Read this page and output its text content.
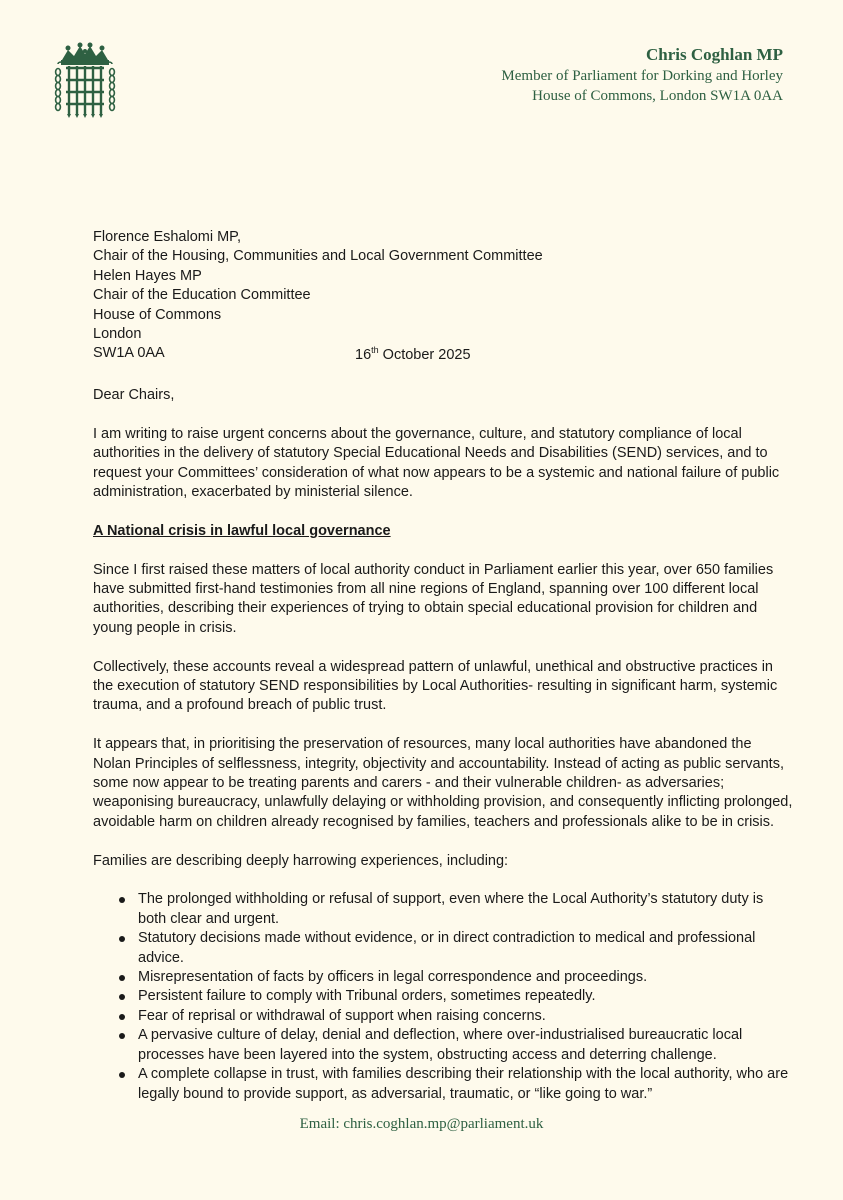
Chris Coghlan MP
Member of Parliament for Dorking and Horley
House of Commons, London SW1A 0AA
Florence Eshalomi MP,
Chair of the Housing, Communities and Local Government Committee
Helen Hayes MP
Chair of the Education Committee
House of Commons
London
SW1A 0AA	16th October 2025

Dear Chairs,

I am writing to raise urgent concerns about the governance, culture, and statutory compliance of local authorities in the delivery of statutory Special Educational Needs and Disabilities (SEND) services, and to request your Committees’ consideration of what now appears to be a systemic and national failure of public administration, exacerbated by ministerial silence.

A National crisis in lawful local governance

Since I first raised these matters of local authority conduct in Parliament earlier this year, over 650 families have submitted first-hand testimonies from all nine regions of England, spanning over 100 different local authorities, describing their experiences of trying to obtain special educational provision for children and young people in crisis.

Collectively, these accounts reveal a widespread pattern of unlawful, unethical and obstructive practices in the execution of statutory SEND responsibilities by Local Authorities- resulting in significant harm, systemic trauma, and a profound breach of public trust.

It appears that, in prioritising the preservation of resources, many local authorities have abandoned the Nolan Principles of selflessness, integrity, objectivity and accountability. Instead of acting as public servants, some now appear to be treating parents and carers - and their vulnerable children- as adversaries; weaponising bureaucracy, unlawfully delaying or withholding provision, and consequently inflicting prolonged, avoidable harm on children already recognised by families, teachers and professionals alike to be in crisis.

Families are describing deeply harrowing experiences, including:

The prolonged withholding or refusal of support, even where the Local Authority’s statutory duty is both clear and urgent.
Statutory decisions made without evidence, or in direct contradiction to medical and professional advice.
Misrepresentation of facts by officers in legal correspondence and proceedings.
Persistent failure to comply with Tribunal orders, sometimes repeatedly.
Fear of reprisal or withdrawal of support when raising concerns.
A pervasive culture of delay, denial and deflection, where over-industrialised bureaucratic local processes have been layered into the system, obstructing access and deterring challenge.
A complete collapse in trust, with families describing their relationship with the local authority, who are legally bound to provide support, as adversarial, traumatic, or “like going to war.”
Email: chris.coghlan.mp@parliament.uk
